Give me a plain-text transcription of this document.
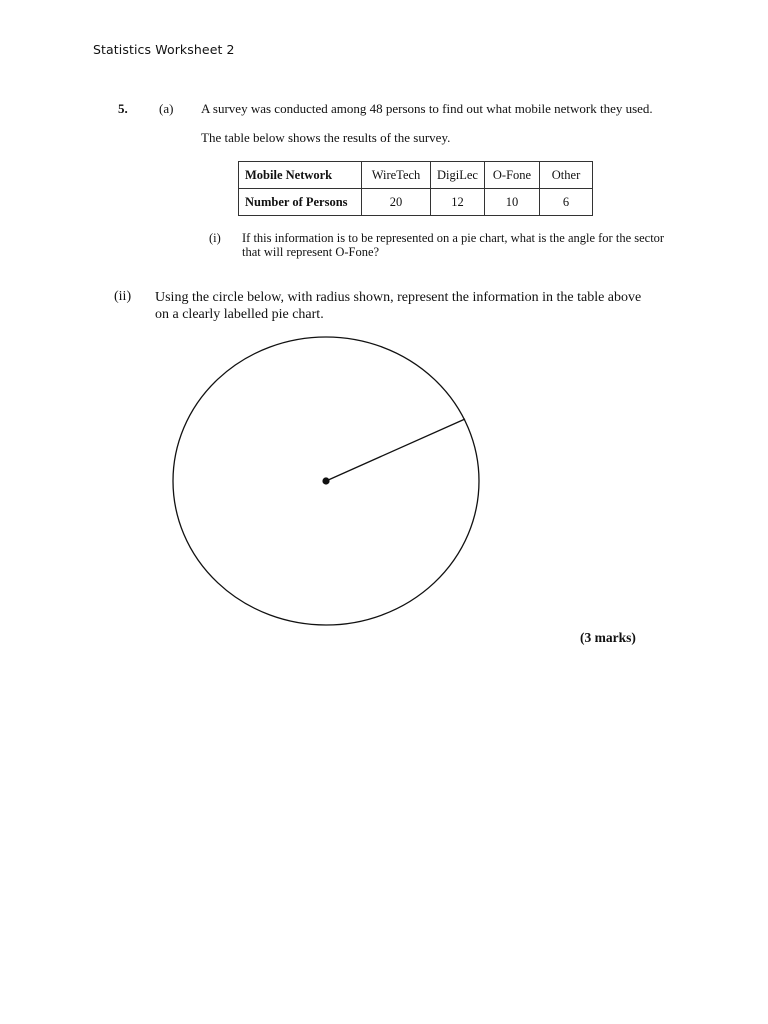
Statistics Worksheet 2
5. (a) A survey was conducted among 48 persons to find out what mobile network they used.
The table below shows the results of the survey.
Mobile Network	WireTech	DigiLec	O-Fone	Other
Number of Persons	20	12	10	6
(i) If this information is to be represented on a pie chart, what is the angle for the sector that will represent O-Fone?
(ii) Using the circle below, with radius shown, represent the information in the table above on a clearly labelled pie chart.
(3 marks)
